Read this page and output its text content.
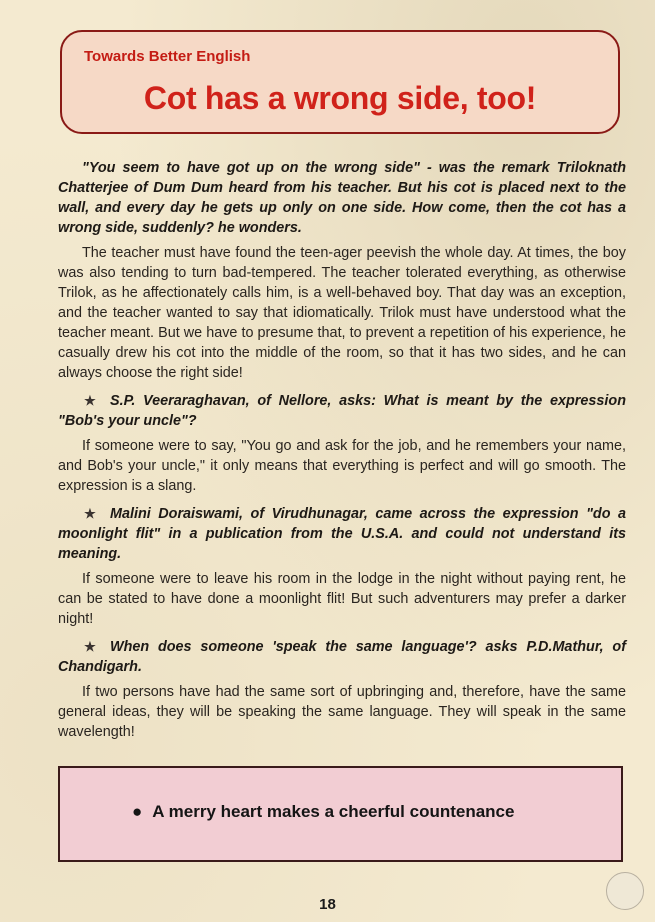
Towards Better English
Cot has a wrong side, too!

"You seem to have got up on the wrong side" - was the remark Triloknath Chatterjee of Dum Dum heard from his teacher. But his cot is placed next to the wall, and every day he gets up only on one side. How come, then the cot has a wrong side, suddenly? he wonders.

The teacher must have found the teen-ager peevish the whole day. At times, the boy was also tending to turn bad-tempered. The teacher tolerated everything, as otherwise Trilok, as he affectionately calls him, is a well-behaved boy. That day was an exception, and the teacher wanted to say that idiomatically. Trilok must have understood what the teacher meant. But we have to presume that, to prevent a repetition of his experience, he casually drew his cot into the middle of the room, so that it has two sides, and he can always choose the right side!

★ S.P. Veeraraghavan, of Nellore, asks: What is meant by the expression "Bob's your uncle"?

If someone were to say, "You go and ask for the job, and he remembers your name, and Bob's your uncle," it only means that everything is perfect and will go smooth. The expression is a slang.

★ Malini Doraiswami, of Virudhunagar, came across the expression "do a moonlight flit" in a publication from the U.S.A. and could not understand its meaning.

If someone were to leave his room in the lodge in the night without paying rent, he can be stated to have done a moonlight flit! But such adventurers may prefer a darker night!

★ When does someone 'speak the same language'? asks P.D.Mathur, of Chandigarh.

If two persons have had the same sort of upbringing and, therefore, have the same general ideas, they will be speaking the same language. They will speak in the same wavelength!

● A merry heart makes a cheerful countenance
18
